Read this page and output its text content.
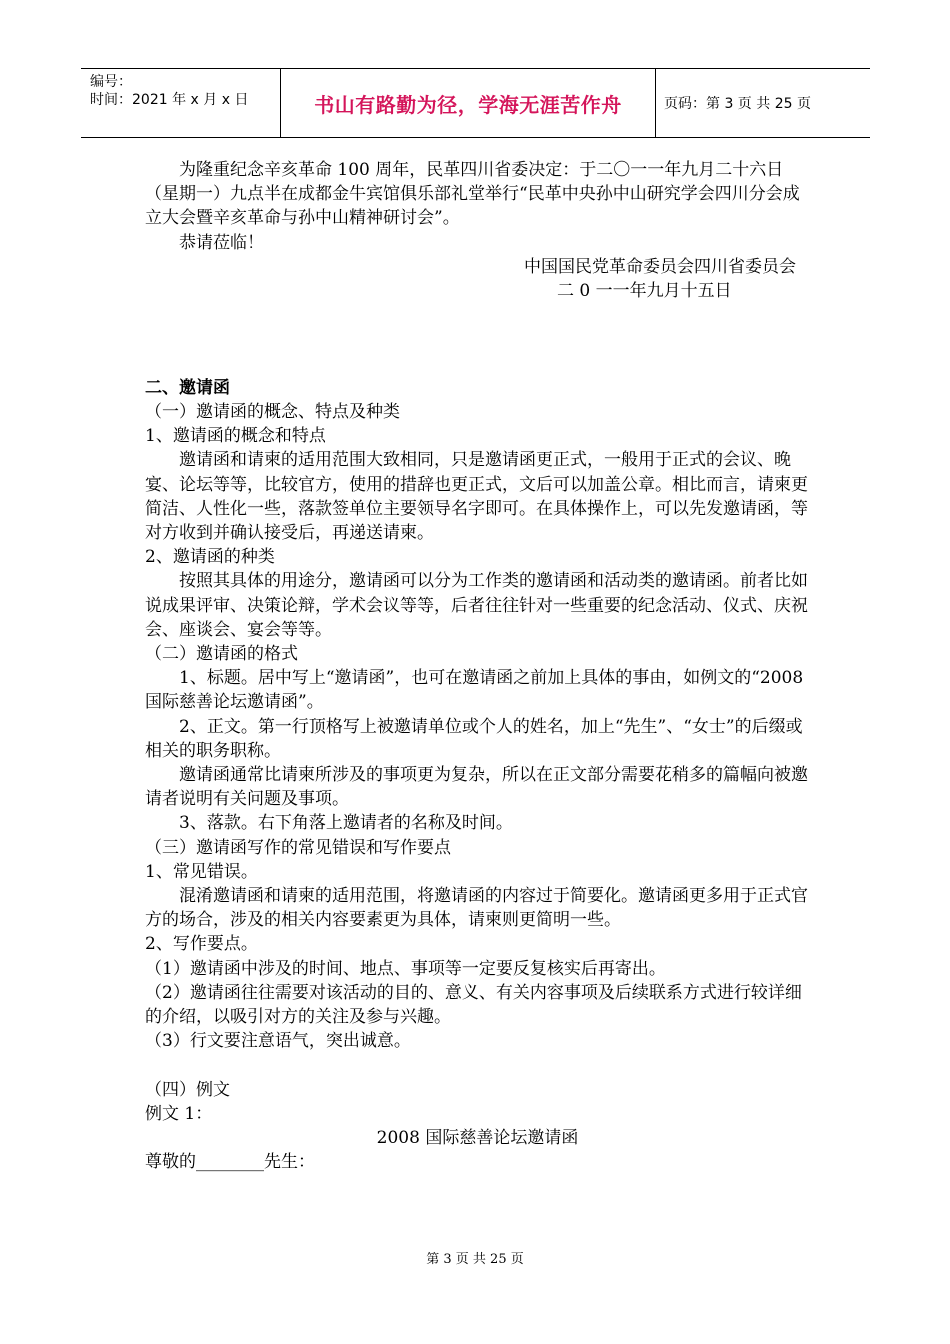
编号：
时间：2021 年 x 月 x 日	书山有路勤为径，学海无涯苦作舟	页码：第 3 页 共 25 页

为隆重纪念辛亥革命 100 周年，民革四川省委决定：于二〇一一年九月二十六日（星期一）九点半在成都金牛宾馆俱乐部礼堂举行“民革中央孙中山研究学会四川分会成立大会暨辛亥革命与孙中山精神研讨会”。

恭请莅临！

中国国民党革命委员会四川省委员会

二 0 一一年九月十五日

二、邀请函

（一）邀请函的概念、特点及种类

1、邀请函的概念和特点

邀请函和请柬的适用范围大致相同，只是邀请函更正式，一般用于正式的会议、晚宴、论坛等等，比较官方，使用的措辞也更正式，文后可以加盖公章。相比而言，请柬更简洁、人性化一些，落款签单位主要领导名字即可。在具体操作上，可以先发邀请函，等对方收到并确认接受后，再递送请柬。

2、邀请函的种类

按照其具体的用途分，邀请函可以分为工作类的邀请函和活动类的邀请函。前者比如说成果评审、决策论辩，学术会议等等，后者往往针对一些重要的纪念活动、仪式、庆祝会、座谈会、宴会等等。

（二）邀请函的格式

1、标题。居中写上“邀请函”，也可在邀请函之前加上具体的事由，如例文的“2008 国际慈善论坛邀请函”。

2、正文。第一行顶格写上被邀请单位或个人的姓名，加上“先生”、“女士”的后缀或相关的职务职称。

邀请函通常比请柬所涉及的事项更为复杂，所以在正文部分需要花稍多的篇幅向被邀请者说明有关问题及事项。

3、落款。右下角落上邀请者的名称及时间。

（三）邀请函写作的常见错误和写作要点

1、常见错误。

混淆邀请函和请柬的适用范围，将邀请函的内容过于简要化。邀请函更多用于正式官方的场合，涉及的相关内容要素更为具体，请柬则更简明一些。

2、写作要点。

（1）邀请函中涉及的时间、地点、事项等一定要反复核实后再寄出。

（2）邀请函往往需要对该活动的目的、意义、有关内容事项及后续联系方式进行较详细的介绍，以吸引对方的关注及参与兴趣。

（3）行文要注意语气，突出诚意。

（四）例文

例文 1：

2008 国际慈善论坛邀请函

尊敬的________先生：

第 3 页 共 25 页
